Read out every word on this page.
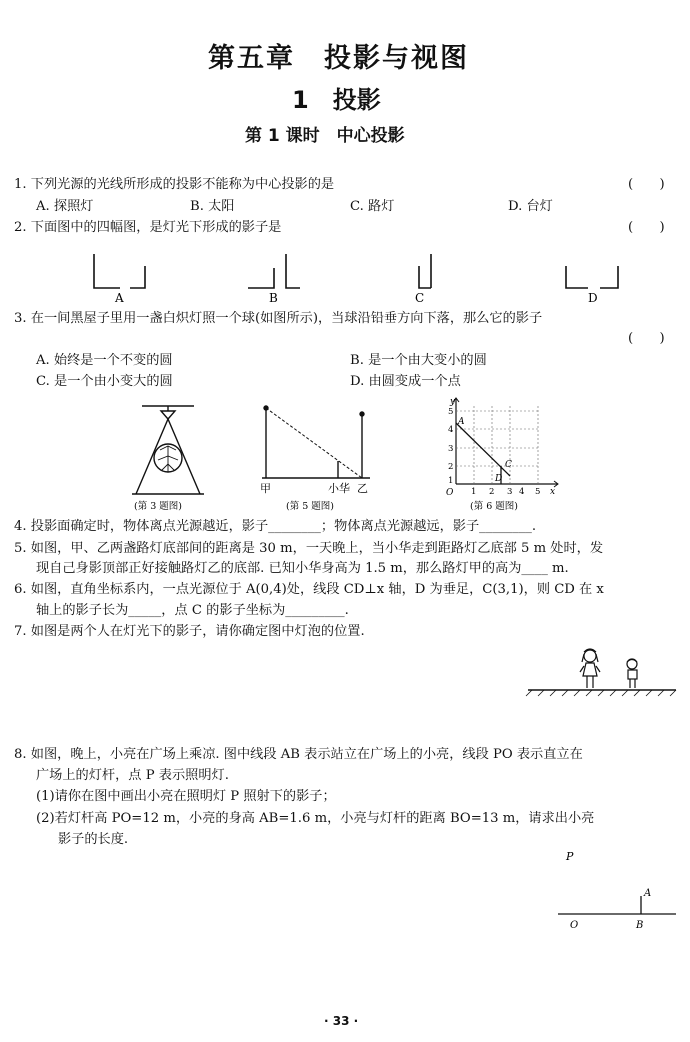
第五章　投影与视图
1　投影
第 1 课时　中心投影
1. 下列光源的光线所形成的投影不能称为中心投影的是	(　　)
A. 探照灯	B. 太阳	C. 路灯	D. 台灯
2. 下面图中的四幅图，是灯光下形成的影子是	(　　)
A	B	C	D
3. 在一间黑屋子里用一盏白炽灯照一个球(如图所示)，当球沿铅垂方向下落，那么它的影子
(　　)
A. 始终是一个不变的圆	B. 是一个由大变小的圆
C. 是一个由小变大的圆	D. 由圆变成一个点
(第 3 题图)
甲	小华 乙
(第 5 题图)
y
x
O
A
C
D
5
4
3
2
1
1 2 3 4 5
(第 6 题图)
4. 投影面确定时，物体离点光源越近，影子________；物体离点光源越远，影子________.
5. 如图，甲、乙两盏路灯底部间的距离是 30 m，一天晚上，当小华走到距路灯乙底部 5 m 处时，发
现自己身影顶部正好接触路灯乙的底部. 已知小华身高为 1.5 m，那么路灯甲的高为____ m.
6. 如图，直角坐标系内，一点光源位于 A(0,4)处，线段 CD⊥x 轴，D 为垂足，C(3,1)，则 CD 在 x
轴上的影子长为_____，点 C 的影子坐标为_________.
7. 如图是两个人在灯光下的影子，请你确定图中灯泡的位置.
8. 如图，晚上，小亮在广场上乘凉. 图中线段 AB 表示站立在广场上的小亮，线段 PO 表示直立在
广场上的灯杆，点 P 表示照明灯.
(1)请你在图中画出小亮在照明灯 P 照射下的影子；
(2)若灯杆高 PO=12 m，小亮的身高 AB=1.6 m，小亮与灯杆的距离 BO=13 m，请求出小亮
影子的长度.
P
A
O	B
· 33 ·
